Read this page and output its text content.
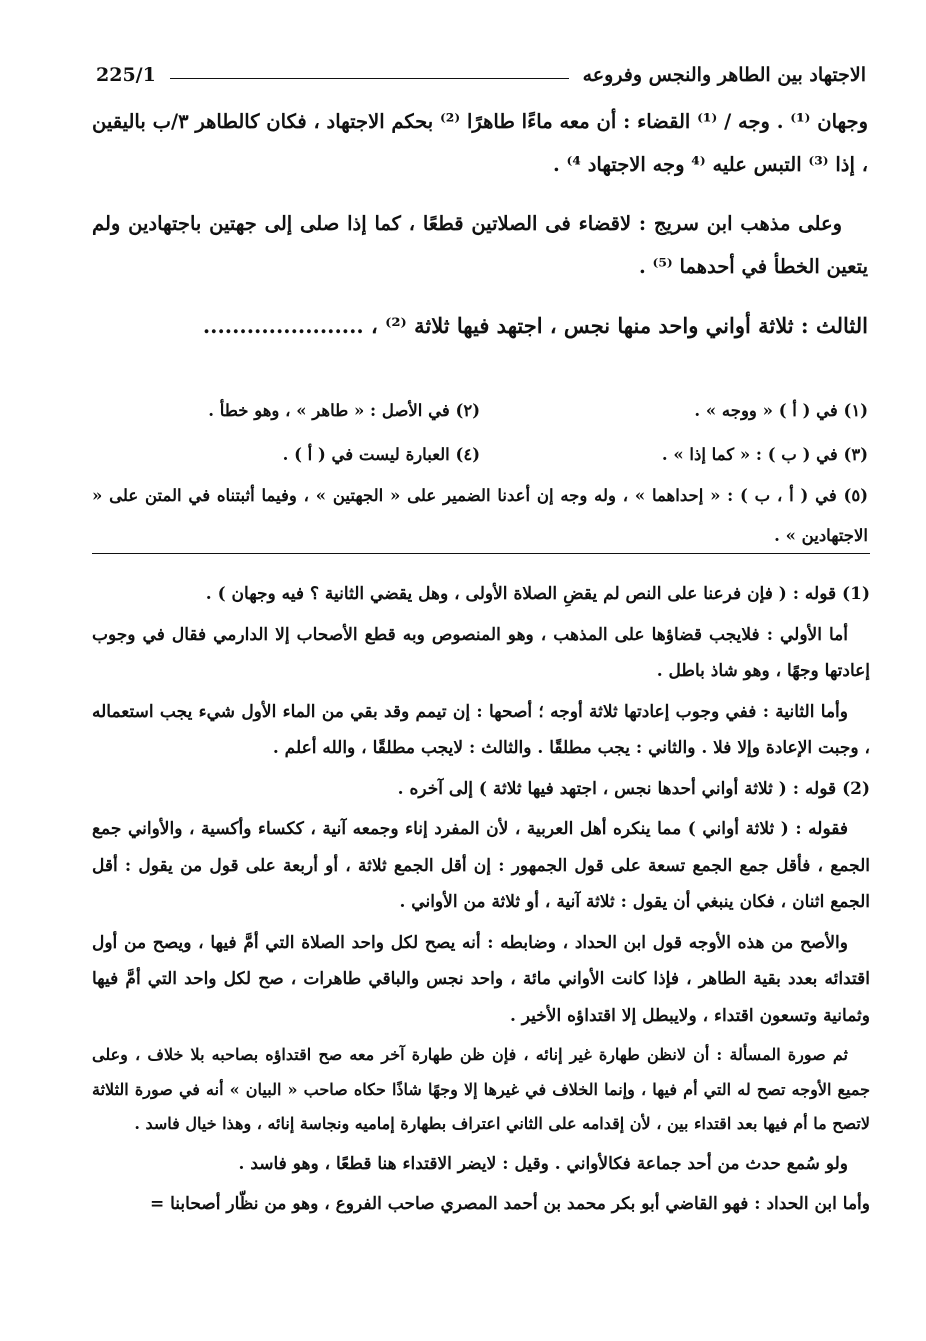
الاجتهاد بين الطاهر والنجس وفروعه
225/1

وجهان ⁽¹⁾ . وجه / ⁽¹⁾ القضاء : أن معه ماءًا طاهرًا ⁽²⁾ بحكم الاجتهاد ، فكان كالطاهر ٣/ب باليقين ، إذا ⁽³⁾ التبس عليه ⁽⁴ وجه الاجتهاد ⁴⁾ .

وعلى مذهب ابن سريج : لاقضاء فى الصلاتين قطعًا ، كما إذا صلى إلى جهتين باجتهادين ولم يتعين الخطأ في أحدهما ⁽⁵⁾ .

الثالث : ثلاثة أواني واحد منها نجس ، اجتهد فيها ثلاثة ⁽²⁾ ، ......................

(١) في ( أ ) « ووجه » .
(٢) في الأصل : « طاهر » ، وهو خطأ .
(٣) في ( ب ) : « كما إذا » .
(٤) العبارة ليست في ( أ ) .
(٥) في ( أ ، ب ) : « إحداهما » ، وله وجه إن أعدنا الضمير على « الجهتين » ، وفيما أثبتناه في المتن على « الاجتهادين » .

(1) قوله : ( فإن فرعنا على النص لم يقضِ الصلاة الأولى ، وهل يقضي الثانية ؟ فيه وجهان ) .

أما الأولي : فلايجب قضاؤها على المذهب ، وهو المنصوص وبه قطع الأصحاب إلا الدارمي فقال في وجوب إعادتها وجهًا ، وهو شاذ باطل .

وأما الثانية : ففي وجوب إعادتها ثلاثة أوجه ؛ أصحها : إن تيمم وقد بقي من الماء الأول شيء يجب استعماله ، وجبت الإعادة وإلا فلا . والثاني : يجب مطلقًا . والثالث : لايجب مطلقًا ، والله أعلم .

(2) قوله : ( ثلاثة أواني أحدها نجس ، اجتهد فيها ثلاثة ) إلى آخره .

فقوله : ( ثلاثة أواني ) مما ينكره أهل العربية ، لأن المفرد إناء وجمعه آنية ، ككساء وأكسية ، والأواني جمع الجمع ، فأقل جمع الجمع تسعة على قول الجمهور : إن أقل الجمع ثلاثة ، أو أربعة على قول من يقول : أقل الجمع اثنان ، فكان ينبغي أن يقول : ثلاثة آنية ، أو ثلاثة من الأواني .

والأصح من هذه الأوجه قول ابن الحداد ، وضابطه : أنه يصح لكل واحد الصلاة التي أمَّ فيها ، ويصح من أول اقتدائه بعدد بقية الطاهر ، فإذا كانت الأواني مائة ، واحد نجس والباقي طاهرات ، صح لكل واحد التي أمَّ فيها وثمانية وتسعون اقتداء ، ولايبطل إلا اقتداؤه الأخير .

ثم صورة المسألة : أن لانظن طهارة غير إنائه ، فإن ظن طهارة آخر معه صح اقتداؤه بصاحبه بلا خلاف ، وعلى جميع الأوجه تصح له التي أم فيها ، وإنما الخلاف في غيرها إلا وجهًا شاذًا حكاه صاحب « البيان » أنه في صورة الثلاثة لاتصح ما أم فيها بعد اقتداء بين ، لأن إقدامه على الثاني اعتراف بطهارة إماميه ونجاسة إنائه ، وهذا خيال فاسد .

ولو سُمع حدث من أحد جماعة فكالأواني . وقيل : لايضر الاقتداء هنا قطعًا ، وهو فاسد .

وأما ابن الحداد : فهو القاضي أبو بكر محمد بن أحمد المصري صاحب الفروع ، وهو من نظّار أصحابنا =
